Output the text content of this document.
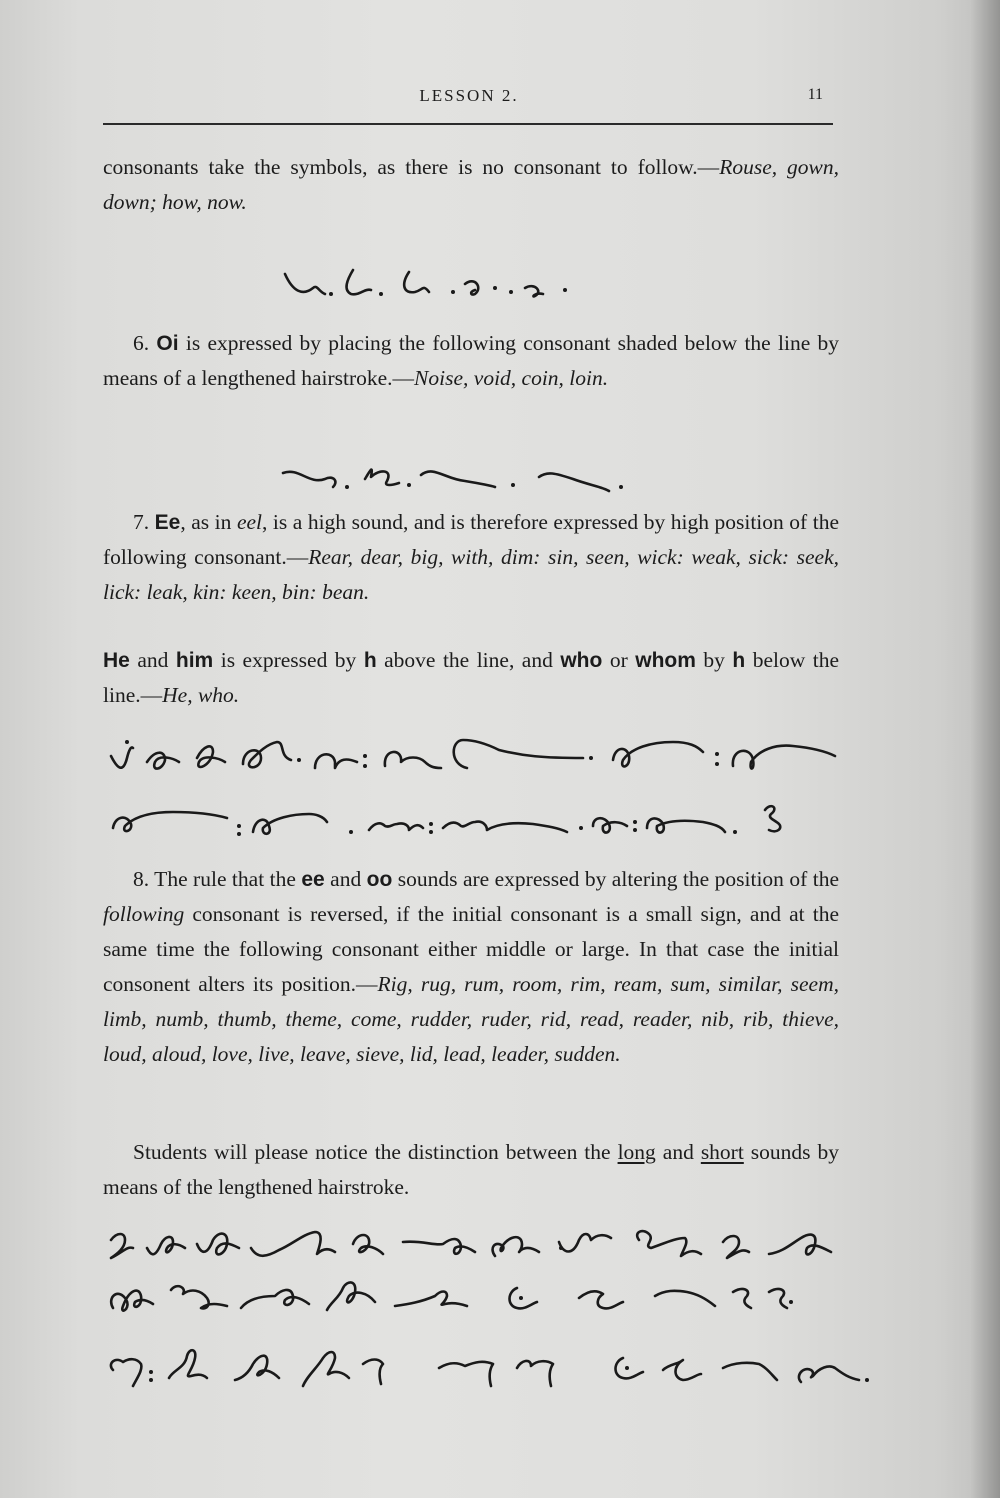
LESSON 2.	11

consonants take the symbols, as there is no consonant to follow.—Rouse, gown, down; how, now.

6. Oi is expressed by placing the following consonant shaded below the line by means of a lengthened hairstroke.—Noise, void, coin, loin.

7. Ee, as in eel, is a high sound, and is therefore expressed by high position of the following consonant.—Rear, dear, big, with, dim: sin, seen, wick: weak, sick: seek, lick: leak, kin: keen, bin: bean.

He and him is expressed by h above the line, and who or whom by h below the line.—He, who.

8. The rule that the ee and oo sounds are expressed by altering the position of the following consonant is reversed, if the initial consonant is a small sign, and at the same time the following consonant either middle or large. In that case the initial consonent alters its position.—Rig, rug, rum, room, rim, ream, sum, similar, seem, limb, numb, thumb, theme, come, rudder, ruder, rid, read, reader, nib, rib, thieve, loud, aloud, love, live, leave, sieve, lid, lead, leader, sudden.

Students will please notice the distinction between the long and short sounds by means of the lengthened hairstroke.
